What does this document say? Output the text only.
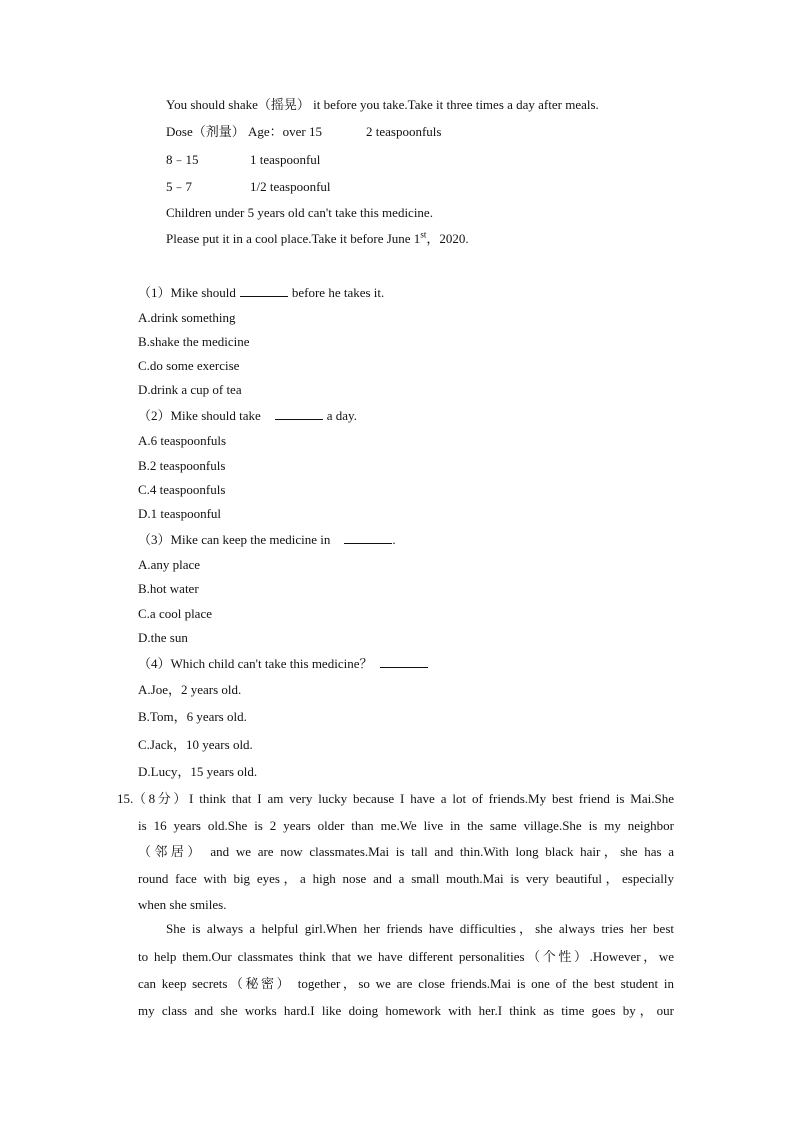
You should shake（摇晃） it before you take.Take it three times a day after meals.
Dose（剂量） Age：over 15	2 teaspoonfuls
8﹣15	1 teaspoonful
5﹣7	1/2 teaspoonful
Children under 5 years old can't take this medicine.
Please put it in a cool place.Take it before June 1st，2020.
（1）Mike should	before he takes it.
A.drink something
B.shake the medicine
C.do some exercise
D.drink a cup of tea
（2）Mike should take	a day.
A.6 teaspoonfuls
B.2 teaspoonfuls
C.4 teaspoonfuls
D.1 teaspoonful
（3）Mike can keep the medicine in	.
A.any place
B.hot water
C.a cool place
D.the sun
（4）Which child can't take this medicine？
A.Joe，2 years old.
B.Tom，6 years old.
C.Jack，10 years old.
D.Lucy，15 years old.
15. （8分）I think that I am very lucky because I have a lot of friends.My best friend is Mai.She
is 16 years old.She is 2 years older than me.We live in the same village.She is my neighbor
（邻居） and we are now classmates.Mai is tall and thin.With long black hair，she has a
round face with big eyes，a high nose and a small mouth.Mai is very beautiful，especially
when she smiles.
She is always a helpful girl.When her friends have difficulties，she always tries her best
to help them.Our classmates think that we have different personalities（个性）.However，we
can keep secrets（秘密） together，so we are close friends.Mai is one of the best student in
my class and she works hard.I like doing homework with her.I think as time goes by，our
